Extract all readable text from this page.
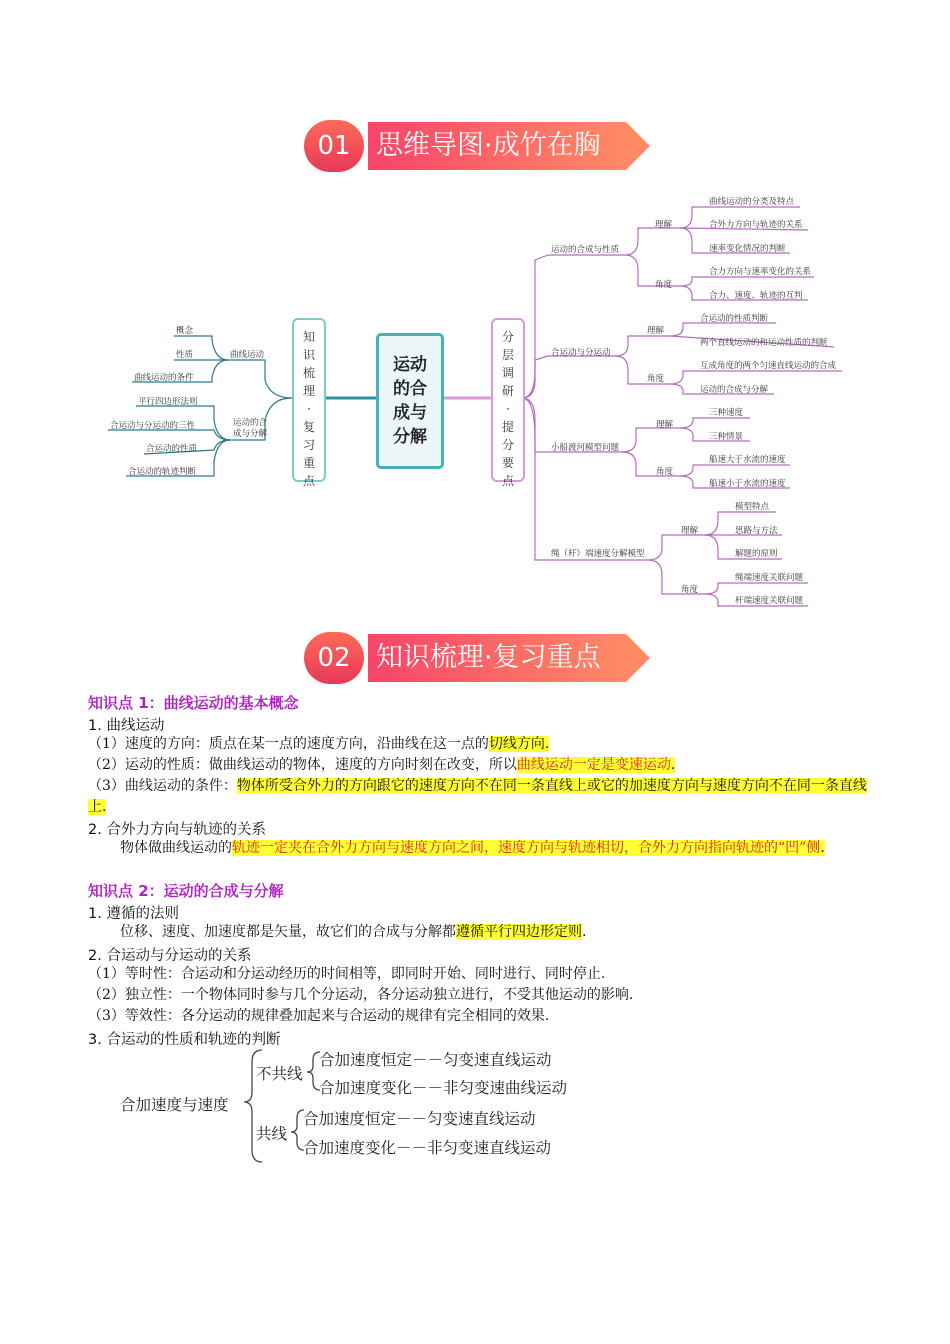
01 思维导图·成竹在胸
运动的合成与分解
知识梳理·复习重点
分层调研·提分要点
曲线运动
概念
性质
曲线运动的条件
运动的合成与分解
平行四边形法则
合运动与分运动的三性
合运动的性质
合运动的轨迹判断
运动的合成与性质
理解
角度
曲线运动的分类及特点
合外力方向与轨迹的关系
速率变化情况的判断
合力方向与速率变化的关系
合力、速度、轨迹的互判
合运动与分运动
理解
角度
合运动的性质判断
两个直线运动的和运动性质的判断
互成角度的两个匀速直线运动的合成
运动的合成与分解
小船渡河模型问题
理解
角度
三种速度
三种情景
船速大于水流的速度
船速小于水流的速度
绳（杆）端速度分解模型
理解
角度
模型特点
思路与方法
解题的原则
绳端速度关联问题
杆端速度关联问题
02 知识梳理·复习重点
知识点 1：曲线运动的基本概念
1. 曲线运动
（1）速度的方向：质点在某一点的速度方向，沿曲线在这一点的切线方向.
（2）运动的性质：做曲线运动的物体，速度的方向时刻在改变，所以曲线运动一定是变速运动.
（3）曲线运动的条件：物体所受合外力的方向跟它的速度方向不在同一条直线上或它的加速度方向与速度方向不在同一条直线上.
2. 合外力方向与轨迹的关系
物体做曲线运动的轨迹一定夹在合外力方向与速度方向之间，速度方向与轨迹相切，合外力方向指向轨迹的“凹”侧.
知识点 2：运动的合成与分解
1. 遵循的法则
位移、速度、加速度都是矢量，故它们的合成与分解都遵循平行四边形定则.
2. 合运动与分运动的关系
（1）等时性：合运动和分运动经历的时间相等，即同时开始、同时进行、同时停止.
（2）独立性：一个物体同时参与几个分运动，各分运动独立进行，不受其他运动的影响.
（3）等效性：各分运动的规律叠加起来与合运动的规律有完全相同的效果.
3. 合运动的性质和轨迹的判断
合加速度与速度
不共线
合加速度恒定－－匀变速直线运动
合加速度变化－－非匀变速曲线运动
共线
合加速度恒定－－匀变速直线运动
合加速度变化－－非匀变速直线运动
